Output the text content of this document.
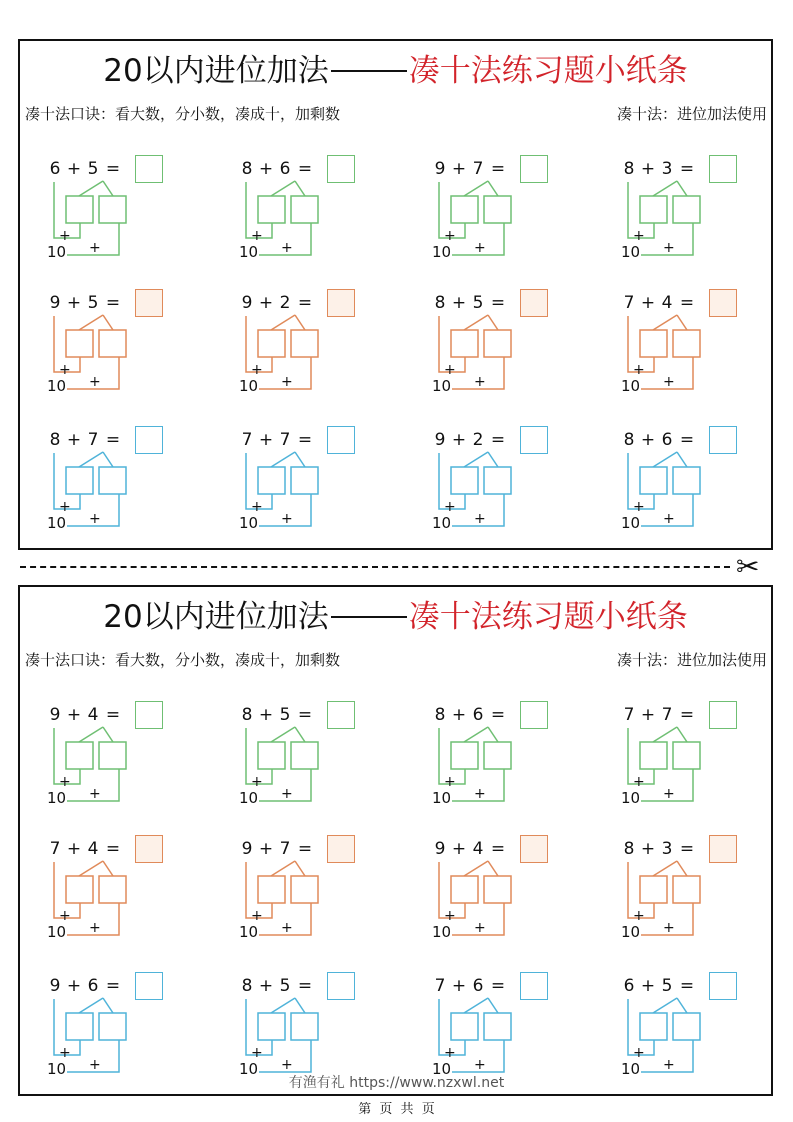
20以内进位加法	凑十法练习题小纸条
凑十法口诀：看大数，分小数，凑成十，加剩数	凑十法：进位加法使用
6 + 5 =
+
10 +
8 + 6 =
+
10 +
9 + 7 =
+
10 +
8 + 3 =
+
10 +
9 + 5 =
+
10 +
9 + 2 =
+
10 +
8 + 5 =
+
10 +
7 + 4 =
+
10 +
8 + 7 =
+
10 +
7 + 7 =
+
10 +
9 + 2 =
+
10 +
8 + 6 =
+
10 +
20以内进位加法	凑十法练习题小纸条
凑十法口诀：看大数，分小数，凑成十，加剩数	凑十法：进位加法使用
9 + 4 =
+
10 +
8 + 5 =
+
10 +
8 + 6 =
+
10 +
7 + 7 =
+
10 +
7 + 4 =
+
10 +
9 + 7 =
+
10 +
9 + 4 =
+
10 +
8 + 3 =
+
10 +
9 + 6 =
+
10 +
8 + 5 =
+
10 +
7 + 6 =
+
10 +
6 + 5 =
+
10 +
✂
有渔有礼 https://www.nzxwl.net
第 页 共 页
